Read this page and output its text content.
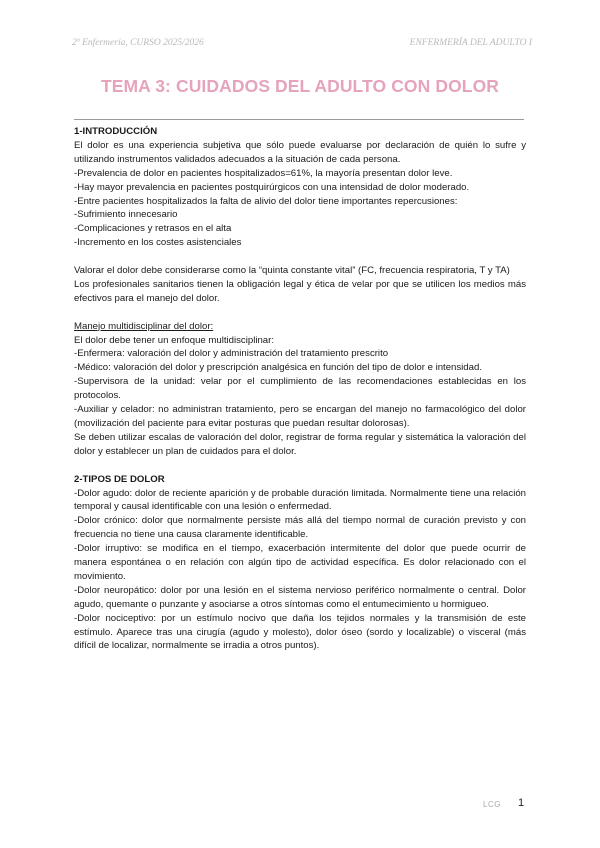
2º Enfermería, CURSO 2025/2026	ENFERMERÍA DEL ADULTO I
TEMA 3: CUIDADOS DEL ADULTO CON DOLOR

1-INTRODUCCIÓN

El dolor es una experiencia subjetiva que sólo puede evaluarse por declaración de quién lo sufre y utilizando instrumentos validados adecuados a la situación de cada persona.

-Prevalencia de dolor en pacientes hospitalizados=61%, la mayoría presentan dolor leve.

-Hay mayor prevalencia en pacientes postquirúrgicos con una intensidad de dolor moderado.

-Entre pacientes hospitalizados la falta de alivio del dolor tiene importantes repercusiones:

-Sufrimiento innecesario

-Complicaciones y retrasos en el alta

-Incremento en los costes asistenciales

Valorar el dolor debe considerarse como la “quinta constante vital” (FC, frecuencia respiratoria, T y TA)

Los profesionales sanitarios tienen la obligación legal y ética de velar por que se utilicen los medios más efectivos para el manejo del dolor.

Manejo multidisciplinar del dolor:

El dolor debe tener un enfoque multidisciplinar:

-Enfermera: valoración del dolor y administración del tratamiento prescrito

-Médico: valoración del dolor y prescripción analgésica en función del tipo de dolor e intensidad.

-Supervisora de la unidad: velar por el cumplimiento de las recomendaciones establecidas en los protocolos.

-Auxiliar y celador: no administran tratamiento, pero se encargan del manejo no farmacológico del dolor (movilización del paciente para evitar posturas que puedan resultar dolorosas).

Se deben utilizar escalas de valoración del dolor, registrar de forma regular y sistemática la valoración del dolor y establecer un plan de cuidados para el dolor.

2-TIPOS DE DOLOR

-Dolor agudo: dolor de reciente aparición y de probable duración limitada. Normalmente tiene una relación temporal y causal identificable con una lesión o enfermedad.

-Dolor crónico: dolor que normalmente persiste más allá del tiempo normal de curación previsto y con frecuencia no tiene una causa claramente identificable.

-Dolor irruptivo: se modifica en el tiempo, exacerbación intermitente del dolor que puede ocurrir de manera espontánea o en relación con algún tipo de actividad específica. Es dolor relacionado con el movimiento.

-Dolor neuropático: dolor por una lesión en el sistema nervioso periférico normalmente o central. Dolor agudo, quemante o punzante y asociarse a otros síntomas como el entumecimiento u hormigueo.

-Dolor nociceptivo: por un estímulo nocivo que daña los tejidos normales y la transmisión de este estímulo. Aparece tras una cirugía (agudo y molesto), dolor óseo (sordo y localizable) o visceral (más difícil de localizar, normalmente se irradia a otros puntos).

LCG 1
